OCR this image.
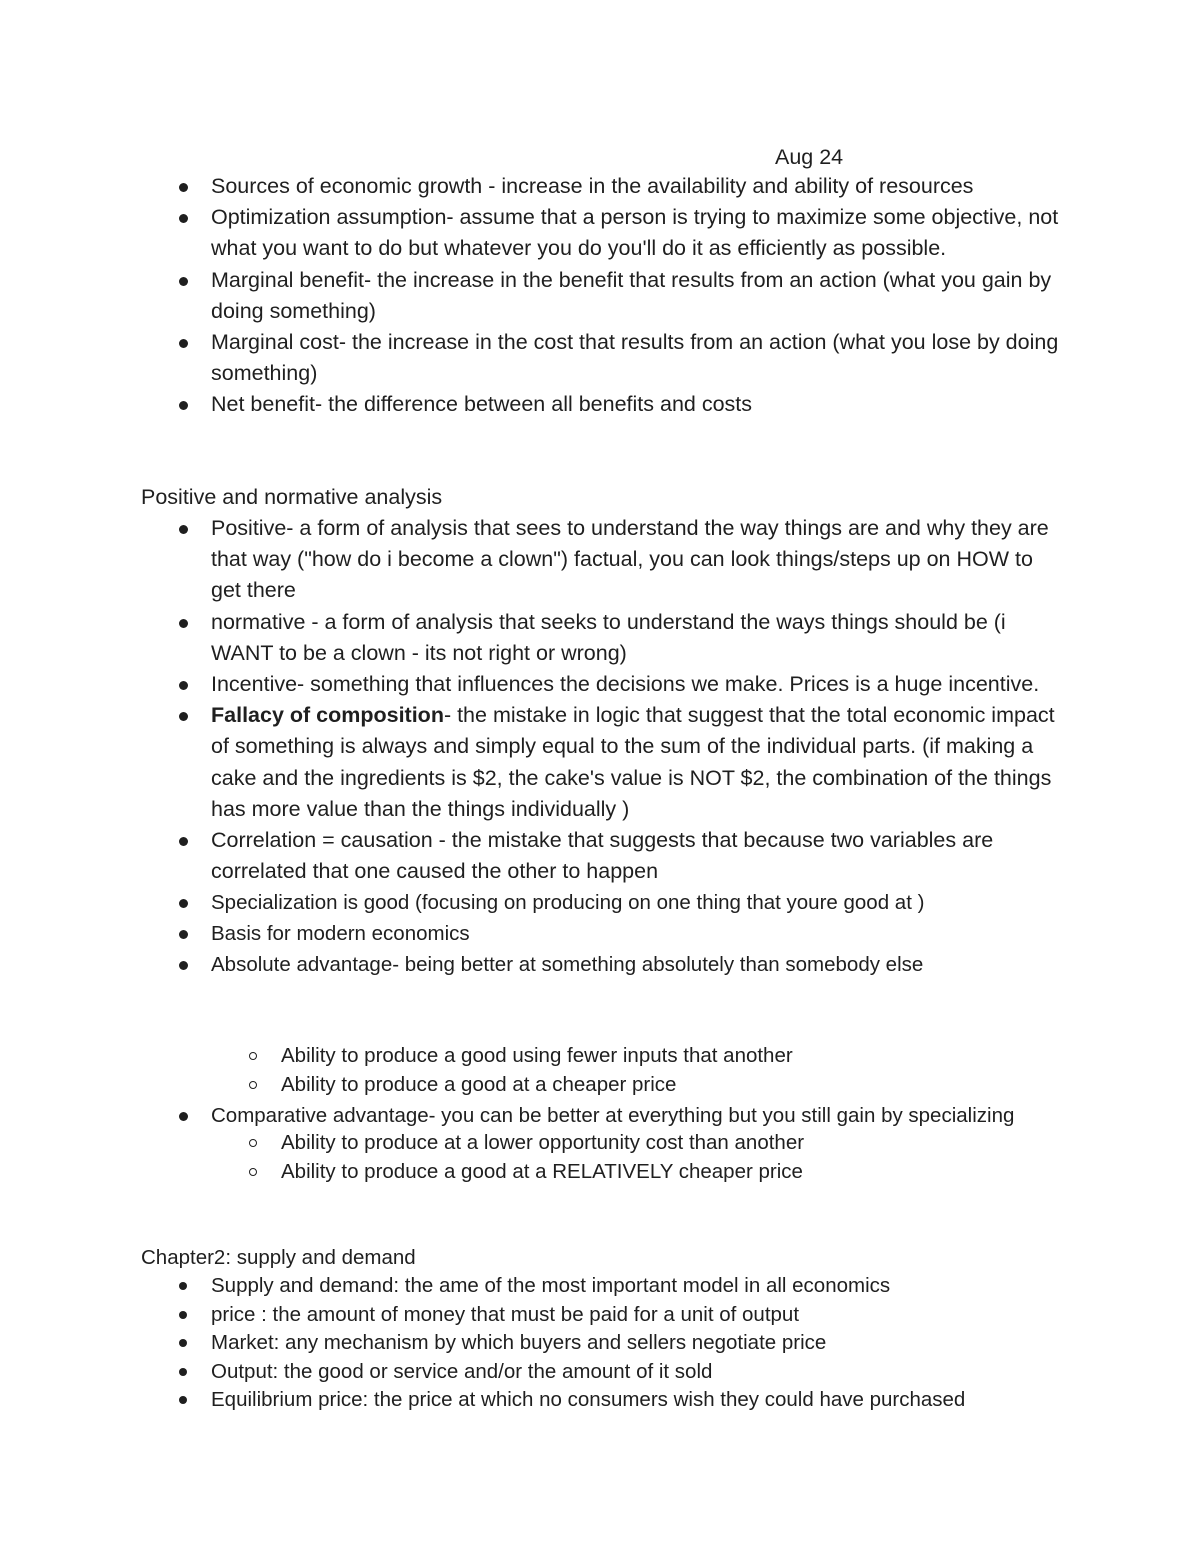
Aug 24
Sources of economic growth - increase in the availability and ability of resources
Optimization assumption- assume that a person is trying to maximize some objective, not what you want to do but whatever you do you'll do it as efficiently as possible.
Marginal benefit- the increase in the benefit that results from an action (what you gain by doing something)
Marginal cost- the increase in the cost that results from an action (what you lose by doing something)
Net benefit- the difference between all benefits and costs
Positive and normative analysis
Positive- a form of analysis that sees to understand the way things are and why they are that way ("how do i become a clown") factual, you can look things/steps up on HOW to get there
normative - a form of analysis that seeks to understand the ways things should be (i WANT to be a clown - its not right or wrong)
Incentive- something that influences the decisions we make. Prices is a huge incentive.
Fallacy of composition- the mistake in logic that suggest that the total economic impact of something is always and simply equal to the sum of the individual parts. (if making a cake and the ingredients is $2, the cake's value is NOT $2, the combination of the things has more value than the things individually )
Correlation = causation - the mistake that suggests that because two variables are correlated that one caused the other to happen
Specialization is good (focusing on producing on one thing that youre good at )
Basis for modern economics
Absolute advantage- being better at something absolutely than somebody else
Ability to produce a good using fewer inputs that another
Ability to produce a good at a cheaper price
Comparative advantage- you can be better at everything but you still gain by specializing
Ability to produce at a lower opportunity cost than another
Ability to produce a good at a RELATIVELY cheaper price
Chapter2: supply and demand
Supply and demand: the ame of the most important model in all economics
price : the amount of money that must be paid for a unit of output
Market: any mechanism by which buyers and sellers negotiate price
Output: the good or service and/or the amount of it sold
Equilibrium price: the price at which no consumers wish they could have purchased
